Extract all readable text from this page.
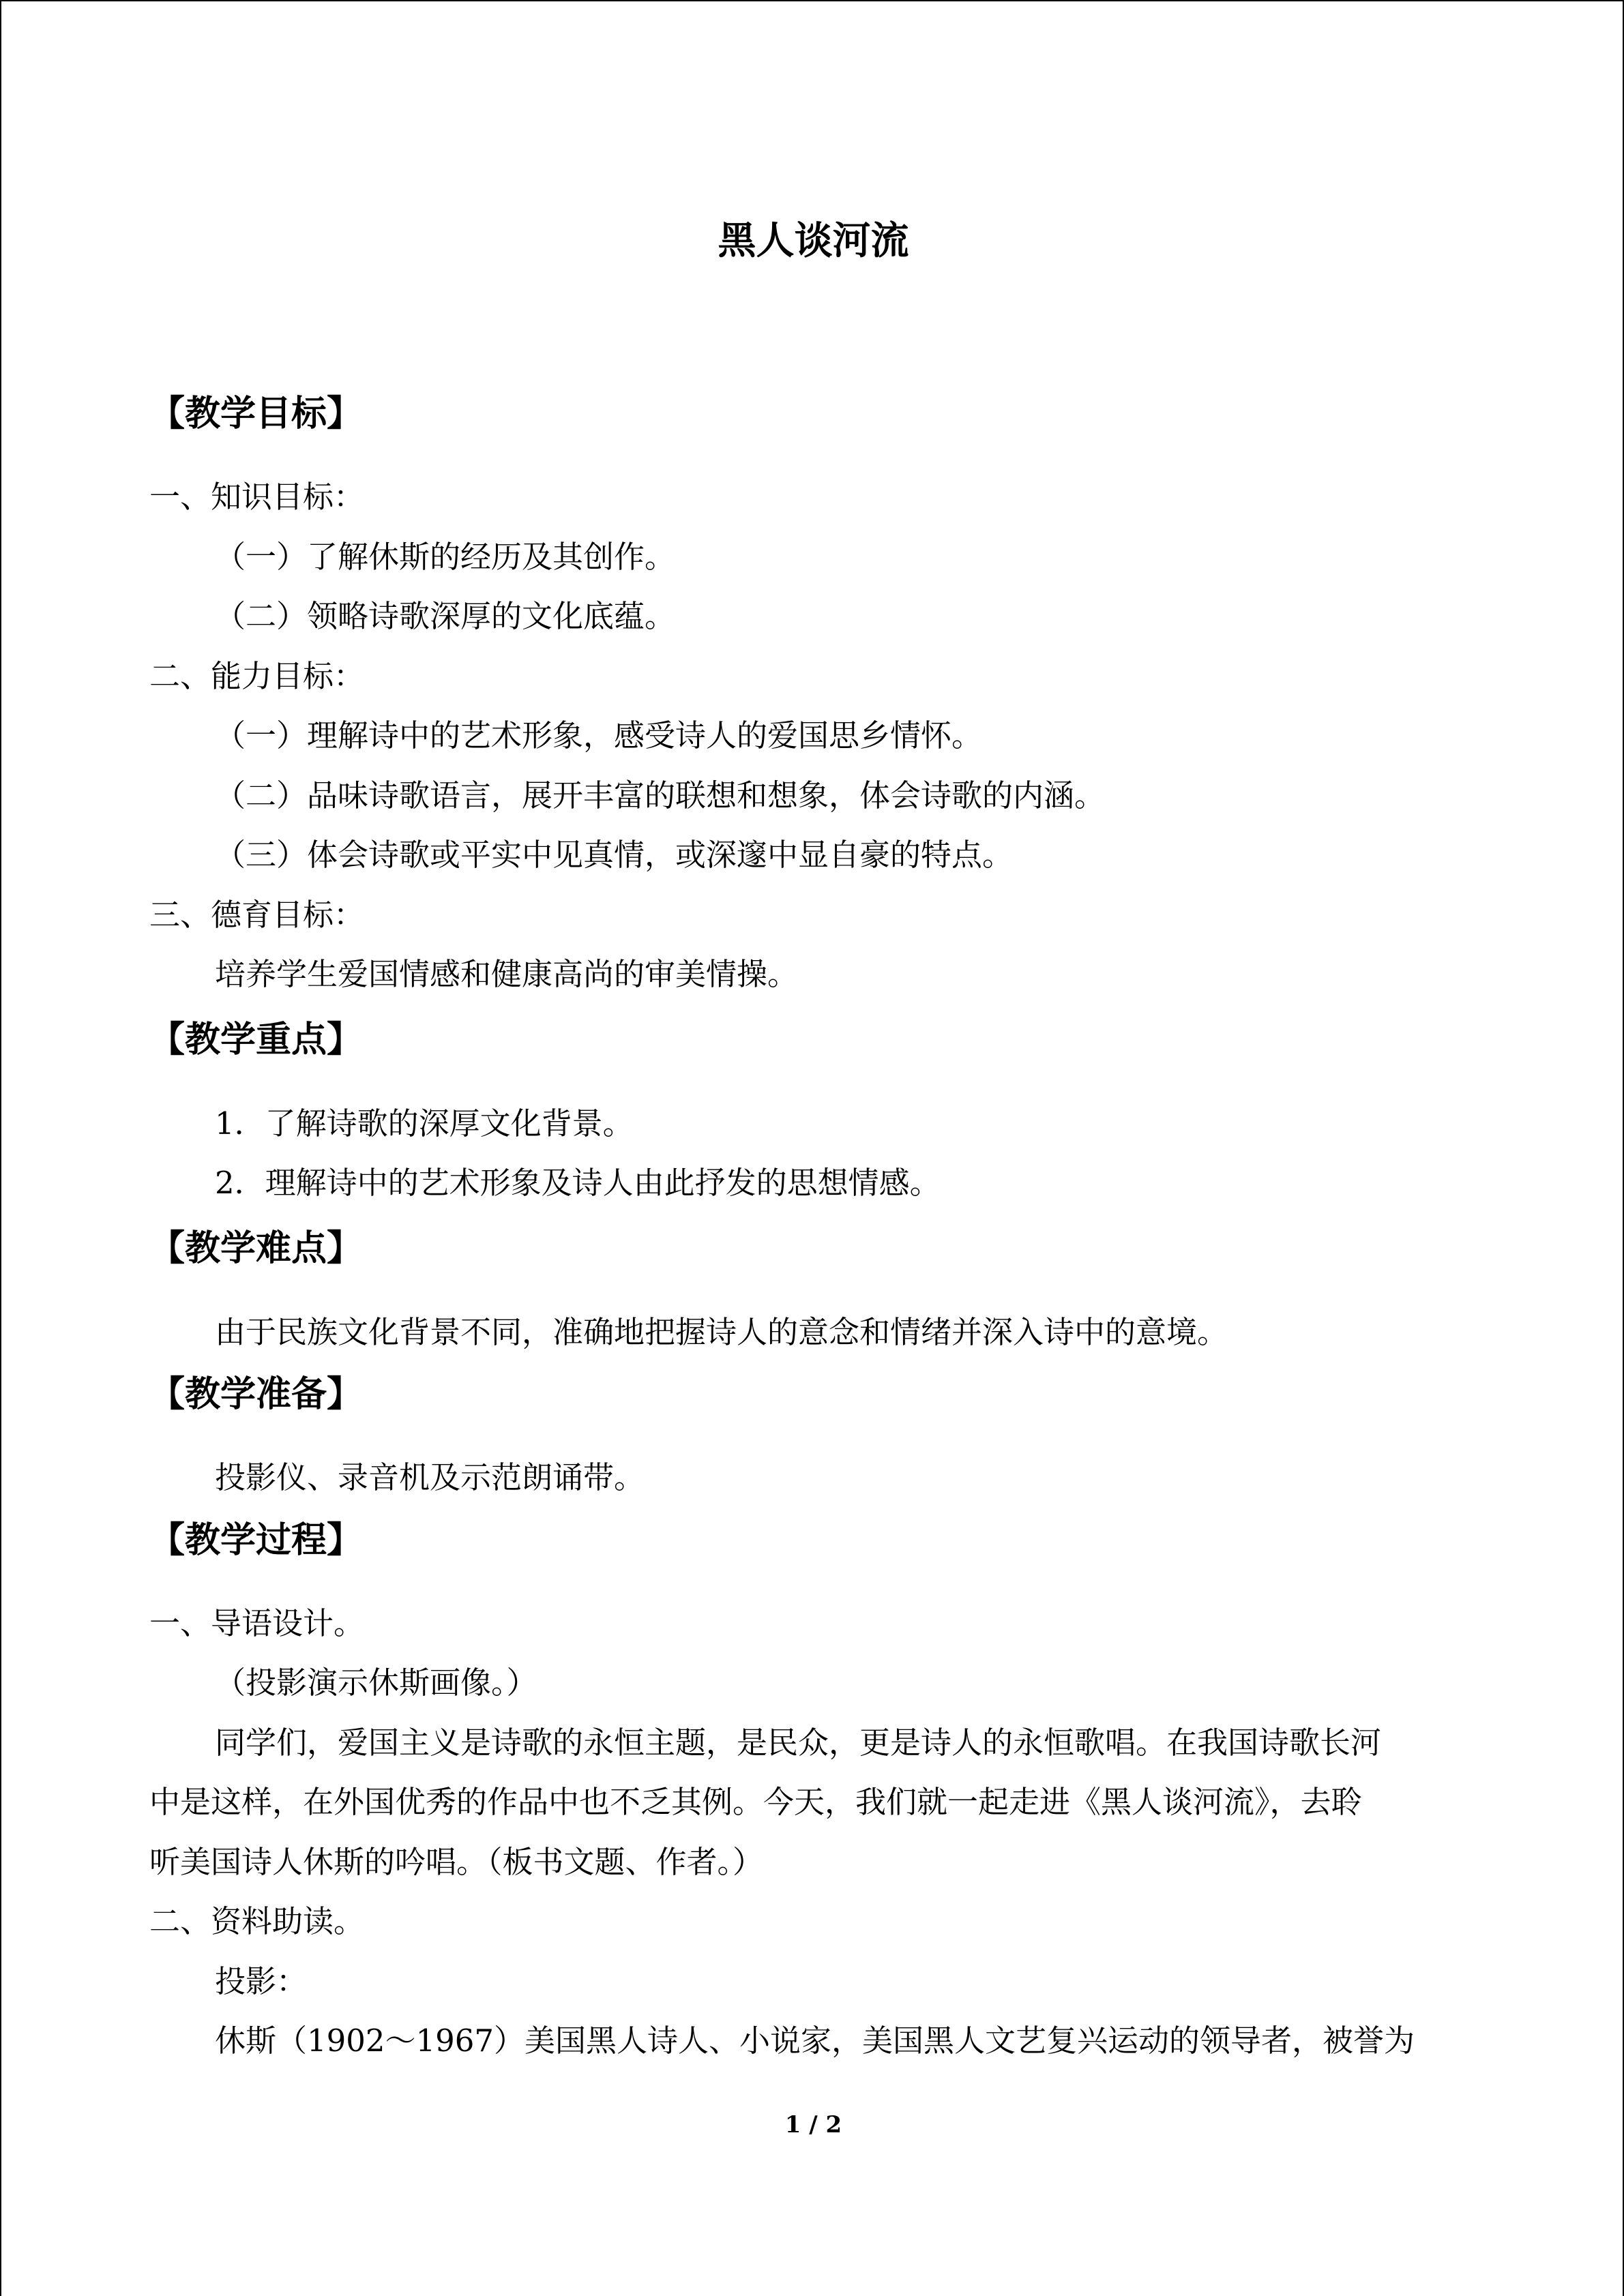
黑人谈河流
【教学目标】
一、知识目标：
（一）了解休斯的经历及其创作。
（二）领略诗歌深厚的文化底蕴。
二、能力目标：
（一）理解诗中的艺术形象，感受诗人的爱国思乡情怀。
（二）品味诗歌语言，展开丰富的联想和想象，体会诗歌的内涵。
（三）体会诗歌或平实中见真情，或深邃中显自豪的特点。
三、德育目标：
培养学生爱国情感和健康高尚的审美情操。
【教学重点】
1．了解诗歌的深厚文化背景。
2．理解诗中的艺术形象及诗人由此抒发的思想情感。
【教学难点】
由于民族文化背景不同，准确地把握诗人的意念和情绪并深入诗中的意境。
【教学准备】
投影仪、录音机及示范朗诵带。
【教学过程】
一、导语设计。
（投影演示休斯画像。）
同学们，爱国主义是诗歌的永恒主题，是民众，更是诗人的永恒歌唱。在我国诗歌长河
中是这样，在外国优秀的作品中也不乏其例。今天，我们就一起走进《黑人谈河流》，去聆
听美国诗人休斯的吟唱。（板书文题、作者。）
二、资料助读。
投影：
休斯（1902～1967）美国黑人诗人、小说家，美国黑人文艺复兴运动的领导者，被誉为
1 / 2
